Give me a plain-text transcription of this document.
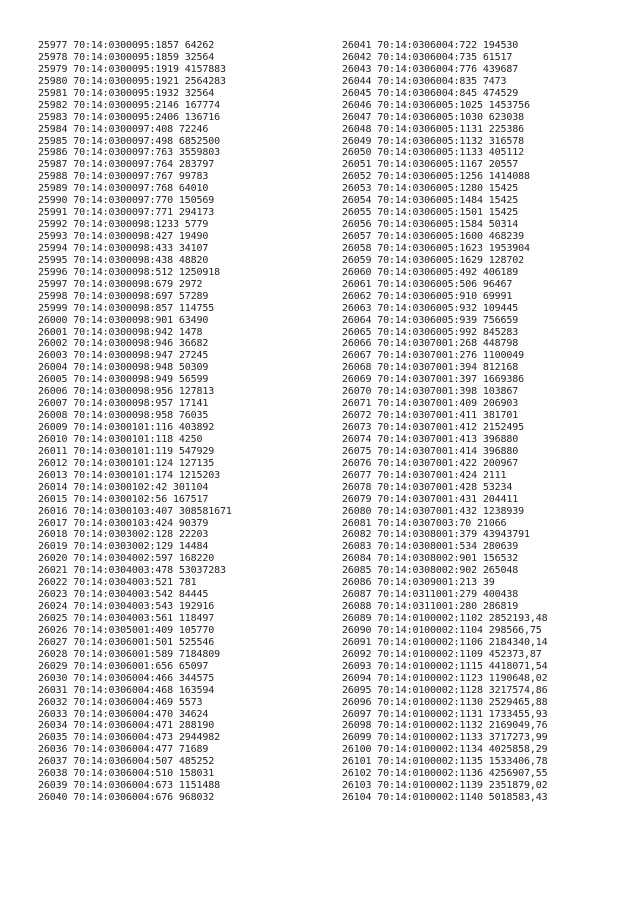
25977 70:14:0300095:1857 64262
25978 70:14:0300095:1859 32564
25979 70:14:0300095:1919 4157883
25980 70:14:0300095:1921 2564283
25981 70:14:0300095:1932 32564
25982 70:14:0300095:2146 167774
25983 70:14:0300095:2406 136716
25984 70:14:0300097:408 72246
25985 70:14:0300097:498 6852500
25986 70:14:0300097:763 3559803
25987 70:14:0300097:764 283797
25988 70:14:0300097:767 99783
25989 70:14:0300097:768 64010
25990 70:14:0300097:770 150569
25991 70:14:0300097:771 294173
25992 70:14:0300098:1233 5779
25993 70:14:0300098:427 19490
25994 70:14:0300098:433 34107
25995 70:14:0300098:438 48820
25996 70:14:0300098:512 1250918
25997 70:14:0300098:679 2972
25998 70:14:0300098:697 57289
25999 70:14:0300098:857 114755
26000 70:14:0300098:901 63490
26001 70:14:0300098:942 1478
26002 70:14:0300098:946 36682
26003 70:14:0300098:947 27245
26004 70:14:0300098:948 50309
26005 70:14:0300098:949 56599
26006 70:14:0300098:956 127813
26007 70:14:0300098:957 17141
26008 70:14:0300098:958 76035
26009 70:14:0300101:116 403892
26010 70:14:0300101:118 4250
26011 70:14:0300101:119 547929
26012 70:14:0300101:124 127135
26013 70:14:0300101:174 1215203
26014 70:14:0300102:42 301104
26015 70:14:0300102:56 167517
26016 70:14:0300103:407 308581671
26017 70:14:0300103:424 90379
26018 70:14:0303002:128 22203
26019 70:14:0303002:129 14484
26020 70:14:0304002:597 168220
26021 70:14:0304003:478 53037283
26022 70:14:0304003:521 781
26023 70:14:0304003:542 84445
26024 70:14:0304003:543 192916
26025 70:14:0304003:561 118497
26026 70:14:0305001:409 105770
26027 70:14:0306001:501 525546
26028 70:14:0306001:589 7184809
26029 70:14:0306001:656 65097
26030 70:14:0306004:466 344575
26031 70:14:0306004:468 163594
26032 70:14:0306004:469 5573
26033 70:14:0306004:470 34624
26034 70:14:0306004:471 288190
26035 70:14:0306004:473 2944982
26036 70:14:0306004:477 71689
26037 70:14:0306004:507 485252
26038 70:14:0306004:510 158031
26039 70:14:0306004:673 1151488
26040 70:14:0306004:676 968032
26041 70:14:0306004:722 194530
26042 70:14:0306004:735 61517
26043 70:14:0306004:776 439687
26044 70:14:0306004:835 7473
26045 70:14:0306004:845 474529
26046 70:14:0306005:1025 1453756
26047 70:14:0306005:1030 623038
26048 70:14:0306005:1131 225386
26049 70:14:0306005:1132 316578
26050 70:14:0306005:1133 405112
26051 70:14:0306005:1167 20557
26052 70:14:0306005:1256 1414088
26053 70:14:0306005:1280 15425
26054 70:14:0306005:1484 15425
26055 70:14:0306005:1501 15425
26056 70:14:0306005:1584 50314
26057 70:14:0306005:1600 468239
26058 70:14:0306005:1623 1953904
26059 70:14:0306005:1629 128702
26060 70:14:0306005:492 406189
26061 70:14:0306005:506 96467
26062 70:14:0306005:910 69991
26063 70:14:0306005:932 109445
26064 70:14:0306005:939 756659
26065 70:14:0306005:992 845283
26066 70:14:0307001:268 448798
26067 70:14:0307001:276 1100049
26068 70:14:0307001:394 812168
26069 70:14:0307001:397 1669386
26070 70:14:0307001:398 103867
26071 70:14:0307001:409 206903
26072 70:14:0307001:411 381701
26073 70:14:0307001:412 2152495
26074 70:14:0307001:413 396880
26075 70:14:0307001:414 396880
26076 70:14:0307001:422 200967
26077 70:14:0307001:424 2111
26078 70:14:0307001:428 53234
26079 70:14:0307001:431 204411
26080 70:14:0307001:432 1238939
26081 70:14:0307003:70 21066
26082 70:14:0308001:379 43943791
26083 70:14:0308001:534 280639
26084 70:14:0308002:901 156532
26085 70:14:0308002:902 265048
26086 70:14:0309001:213 39
26087 70:14:0311001:279 400438
26088 70:14:0311001:280 286819
26089 70:14:0100002:1102 2852193,48
26090 70:14:0100002:1104 298566,75
26091 70:14:0100002:1106 2184340,14
26092 70:14:0100002:1109 452373,87
26093 70:14:0100002:1115 4418071,54
26094 70:14:0100002:1123 1190648,02
26095 70:14:0100002:1128 3217574,86
26096 70:14:0100002:1130 2529465,88
26097 70:14:0100002:1131 1733455,93
26098 70:14:0100002:1132 2169049,76
26099 70:14:0100002:1133 3717273,99
26100 70:14:0100002:1134 4025858,29
26101 70:14:0100002:1135 1533406,78
26102 70:14:0100002:1136 4256907,55
26103 70:14:0100002:1139 2351879,02
26104 70:14:0100002:1140 5018583,43
